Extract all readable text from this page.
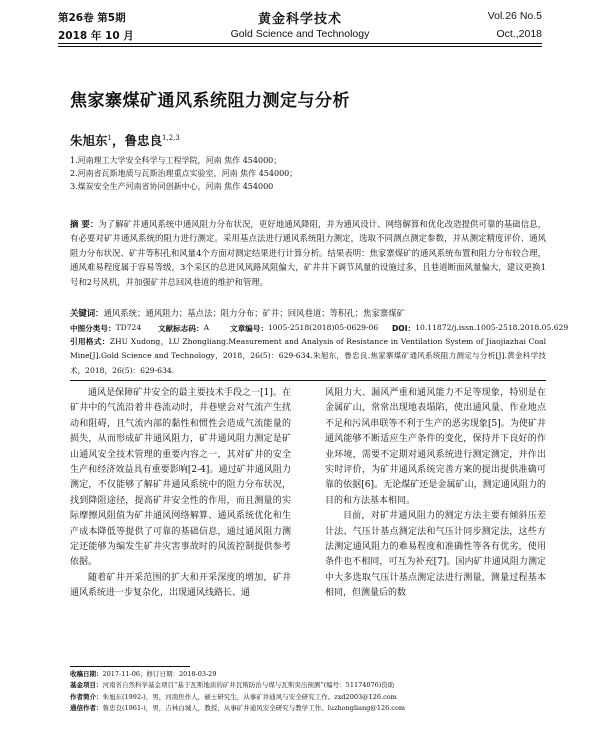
第26卷 第5期	黄金科学技术	Vol.26 No.5
2018 年 10 月	Gold Science and Technology	Oct.,2018
焦家寨煤矿通风系统阻力测定与分析
朱旭东$^1$，鲁忠良$^{1,2,3}$
1.河南理工大学安全科学与工程学院，河南 焦作 454000；
2.河南省瓦斯地质与瓦斯治理重点实验室，河南 焦作 454000；
3.煤炭安全生产河南省协同创新中心，河南 焦作 454000
摘 要：为了解矿井通风系统中通风阻力分布状况，更好地通风降阻，并为通风设计、网络解算和优化改造提供可靠的基础信息，有必要对矿井通风系统的阻力进行测定。采用基点法进行通风系统阻力测定，选取不同测点测定参数，并从测定精度评价、通风阻力分布状况、矿井等积孔和风量4个方面对测定结果进行计算分析。结果表明：焦家寨煤矿的通风系统布置和阻力分布较合理，通风难易程度属于容易等级，3个采区的总进风风路风阻偏大，矿井井下调节风量的设施过多，且巷道断面风量偏大，建议更换1号和2号风机，并加强矿井总回风巷道的维护和管理。
关键词：通风系统；通风阻力；基点法；阻力分布；矿井；回风巷道；等积孔；焦家寨煤矿
中图分类号： TD724 文献标志码： A	文章编号： 1005-2518(2018)05-0629-06 DOI： 10.11872/j.issn.1005-2518.2018.05.629
引用格式：ZHU Xudong，LU Zhongliang.Measurement and Analysis of Resistance in Ventilation System of Jiaojiazhai Coal Mine[J].Gold Science and Technology，2018，26(5)：629-634.朱旭东，鲁忠良.焦家寨煤矿通风系统阻力测定与分析[J].黄金科学技术，2018，26(5)：629-634.

通风是保障矿井安全的最主要技术手段之一[1]。在矿井中的气流沿着井巷流动时，井巷壁会对气流产生扰动和阻碍，且气流内部的黏性和惯性会造成气流能量的损失，从而形成矿井通风阻力，矿井通风阻力测定是矿山通风安全技术管理的重要内容之一，其对矿井的安全生产和经济效益具有重要影响[2-4]。通过矿井通风阻力测定，不仅能够了解矿井通风系统中的阻力分布状况，找到降阻途径，提高矿井安全性的作用，而且测量的实际摩擦风阻值为矿井通风网络解算、通风系统优化和生产成本降低等提供了可靠的基础信息，通过通风阻力测定还能够为编发生矿井灾害事故时的风流控制提供参考依据。

随着矿井开采范围的扩大和开采深度的增加，矿井通风系统进一步复杂化，出现通风线路长、通

风阻力大、漏风严重和通风能力不足等现象，特别是在金属矿山，常常出现地表塌陷，使出通风量、作业地点不足和污风串联等不利于生产的恶劣现象[5]。为使矿井通风能够不断适应生产条件的变化，保持并下良好的作业环境，需要不定期对通风系统进行测定测定，并作出实时评价，为矿井通风系统完善方案的提出提供准确可靠的依据[6]。无论煤矿还是金属矿山，测定通风阻力的目的和方法基本相同。

目前，对矿井通风阻力的测定方法主要有倾斜压差计法、气压计基点测定法和气压计同步测定法，这些方法测定通风阻力的难易程度和准确性等各有优劣，使用条件也不相同，可互为补充[7]。国内矿井通风阻力测定中大多选取气压计基点测定法进行测量，测量过程基本相同，但测量后的数

收稿日期：2017-11-06；修订日期：2018-03-29
基金项目：河南省自然科学基金项目“基于瓦斯地质的矿井瓦斯防治与煤与瓦斯突出预测”(编号：51174076)资助
作者简介：朱旭东(1992-)，男，河南焦作人，硕士研究生，从事矿井通风与安全研究工作。zxd2003@126.com
通信作者：鲁忠良(1961-)，男，吉林白城人，教授，从事矿井通风安全研究与教学工作。luzhongliang@126.com
